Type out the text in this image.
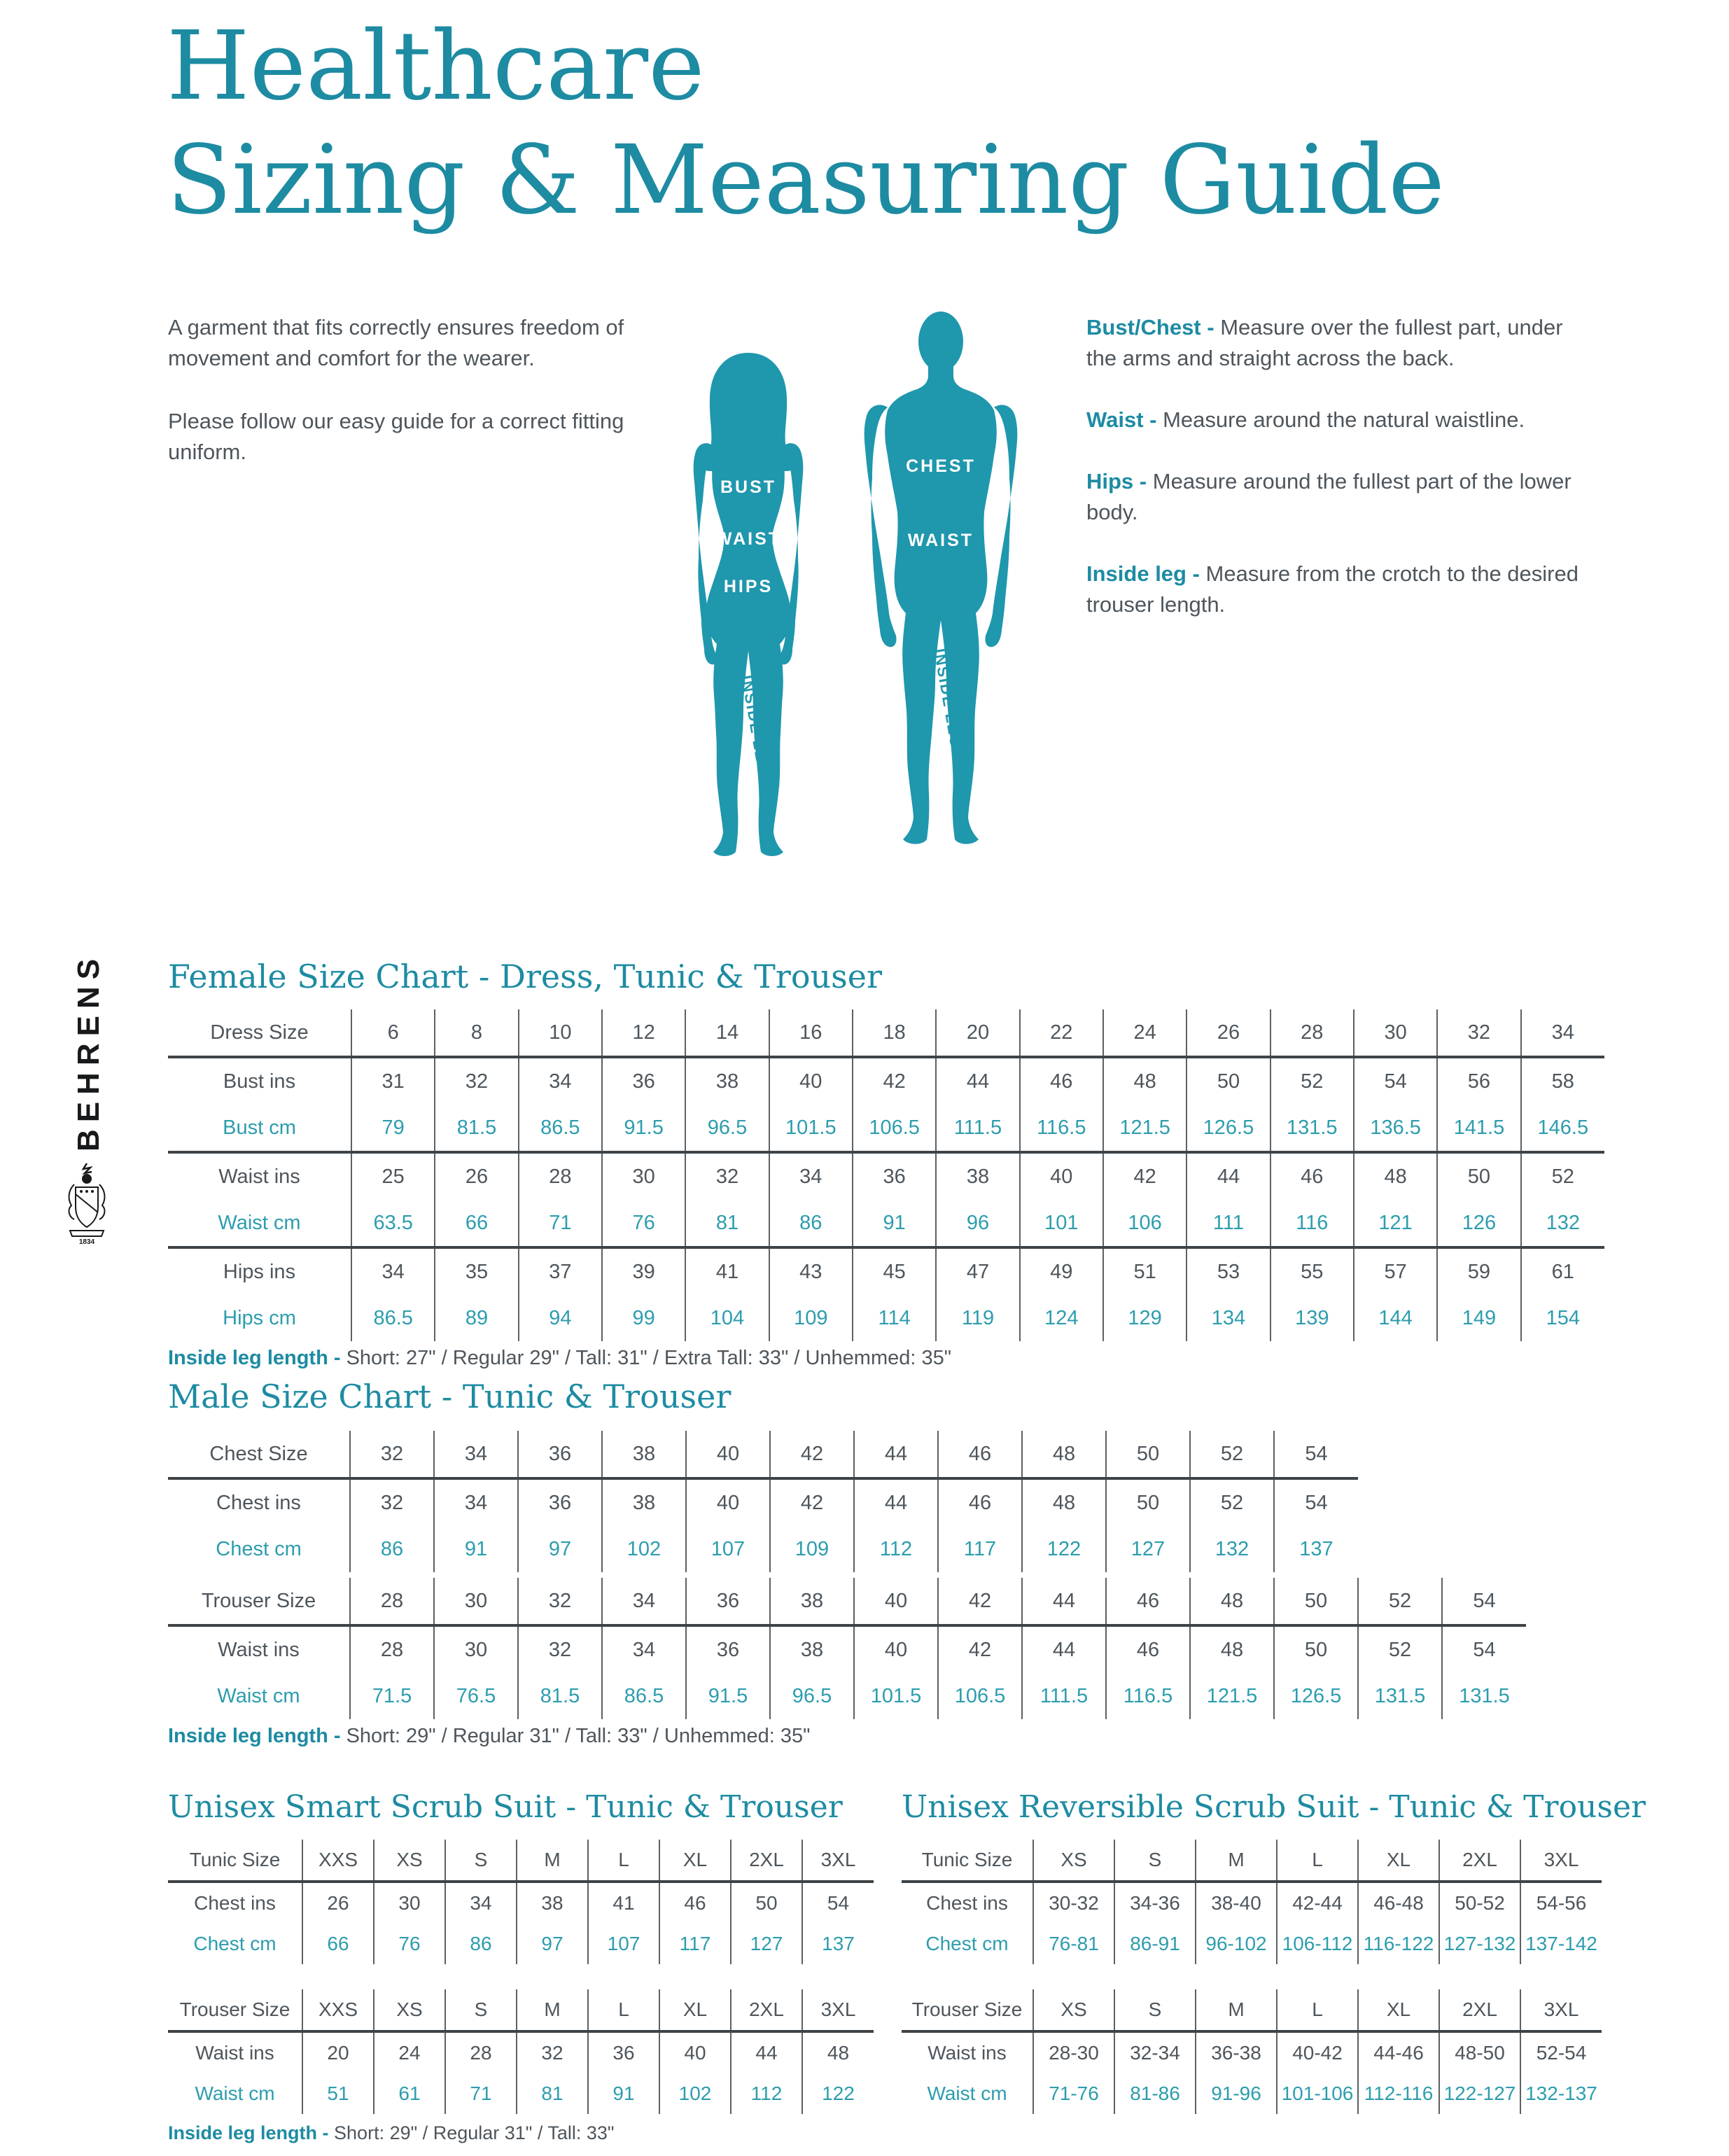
Healthcare
Sizing & Measuring Guide

A garment that fits correctly ensures freedom of movement and comfort for the wearer.

Please follow our easy guide for a correct fitting uniform.

Bust/Chest - Measure over the fullest part, under the arms and straight across the back.

Waist - Measure around the natural waistline.

Hips - Measure around the fullest part of the lower body.

Inside leg - Measure from the crotch to the desired trouser length.

BUST
WAIST
HIPS
INSIDE LEG
CHEST
WAIST
INSIDE LEG
BEHRENS
1834
Female Size Chart - Dress, Tunic & Trouser
Dress Size	6	8	10	12	14	16	18	20	22	24	26	28	30	32	34
Bust ins	31	32	34	36	38	40	42	44	46	48	50	52	54	56	58
Bust cm	79	81.5	86.5	91.5	96.5	101.5	106.5	111.5	116.5	121.5	126.5	131.5	136.5	141.5	146.5
Waist ins	25	26	28	30	32	34	36	38	40	42	44	46	48	50	52
Waist cm	63.5	66	71	76	81	86	91	96	101	106	111	116	121	126	132
Hips ins	34	35	37	39	41	43	45	47	49	51	53	55	57	59	61
Hips cm	86.5	89	94	99	104	109	114	119	124	129	134	139	144	149	154
Inside leg length - Short: 27" / Regular 29" / Tall: 31" / Extra Tall: 33" / Unhemmed: 35"
Male Size Chart - Tunic & Trouser
Chest Size	32	34	36	38	40	42	44	46	48	50	52	54
Chest ins	32	34	36	38	40	42	44	46	48	50	52	54
Chest cm	86	91	97	102	107	109	112	117	122	127	132	137
Trouser Size	28	30	32	34	36	38	40	42	44	46	48	50	52	54
Waist ins	28	30	32	34	36	38	40	42	44	46	48	50	52	54
Waist cm	71.5	76.5	81.5	86.5	91.5	96.5	101.5	106.5	111.5	116.5	121.5	126.5	131.5	131.5
Inside leg length - Short: 29" / Regular 31" / Tall: 33" / Unhemmed: 35"
Unisex Smart Scrub Suit - Tunic & Trouser
Tunic Size	XXS	XS	S	M	L	XL	2XL	3XL
Chest ins	26	30	34	38	41	46	50	54
Chest cm	66	76	86	97	107	117	127	137
Trouser Size	XXS	XS	S	M	L	XL	2XL	3XL
Waist ins	20	24	28	32	36	40	44	48
Waist cm	51	61	71	81	91	102	112	122
Inside leg length - Short: 29" / Regular 31" / Tall: 33"
Unisex Reversible Scrub Suit - Tunic & Trouser
Tunic Size	XS	S	M	L	XL	2XL	3XL
Chest ins	30-32	34-36	38-40	42-44	46-48	50-52	54-56
Chest cm	76-81	86-91	96-102	106-112	116-122	127-132	137-142
Trouser Size	XS	S	M	L	XL	2XL	3XL
Waist ins	28-30	32-34	36-38	40-42	44-46	48-50	52-54
Waist cm	71-76	81-86	91-96	101-106	112-116	122-127	132-137
